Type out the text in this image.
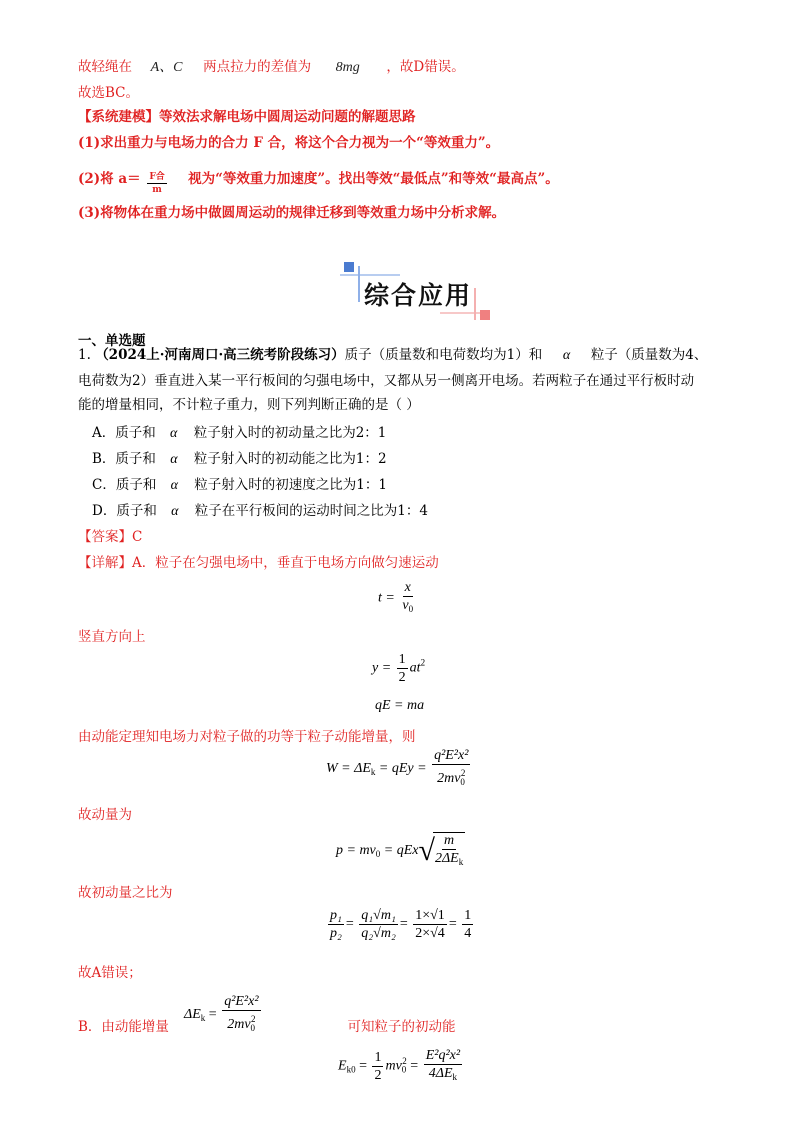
故轻绳在 A、C 两点拉力的差值为 8mg ，故D错误。
故选BC。
【系统建模】等效法求解电场中圆周运动问题的解题思路
(1)求出重力与电场力的合力 F 合，将这个合力视为一个“等效重力”。
(2)将 $a= \frac{\text{F合}}{m}$ 视为“等效重力加速度”。找出等效“最低点”和等效“最高点”。
(3)将物体在重力场中做圆周运动的规律迁移到等效重力场中分析求解。
综合应用
一、单选题
1. （2024上·河南周口·高三统考阶段练习）质子（质量数和电荷数均为1）和 α 粒子（质量数为4、
电荷数为2）垂直进入某一平行板间的匀强电场中，又都从另一侧离开电场。若两粒子在通过平行板时动
能的增量相同，不计粒子重力，则下列判断正确的是（ ）
A．质子和 α 粒子射入时的初动量之比为2：1
B．质子和 α 粒子射入时的初动能之比为1：2
C．质子和 α 粒子射入时的初速度之比为1：1
D．质子和 α 粒子在平行板间的运动时间之比为1：4
【答案】C
【详解】A．粒子在匀强电场中，垂直于电场方向做匀速运动
$t = \frac{x}{v_0}$
竖直方向上
$y = \frac{1}{2} at^2$
qE = ma
由动能定理知电场力对粒子做的功等于粒子动能增量，则
$W = \Delta E_k$ = qEy = $\frac{\text{q²E²x²}}{2mv_0^2}$
故动量为
$p = mv_0 = qEx√$
$\frac{m}{2\Delta E_k}$
故初动量之比为
$\frac{\text{p₁}}{\text{p₂}} = \frac{\text{q₁√m₁}}{\text{q₂√m₂}} = \frac{1\times√1}{2\times√4} = \frac{1}{4}$
故A错误；
B．由动能增量	可知粒子的初动能
$\Delta E_k = \frac{\text{q²E²x²}}{2mv_0^2}$
$E_{k0} = \frac{1}{2} mv_0^2 = \frac{\text{E²q²x²}}{4\Delta E_k}$
